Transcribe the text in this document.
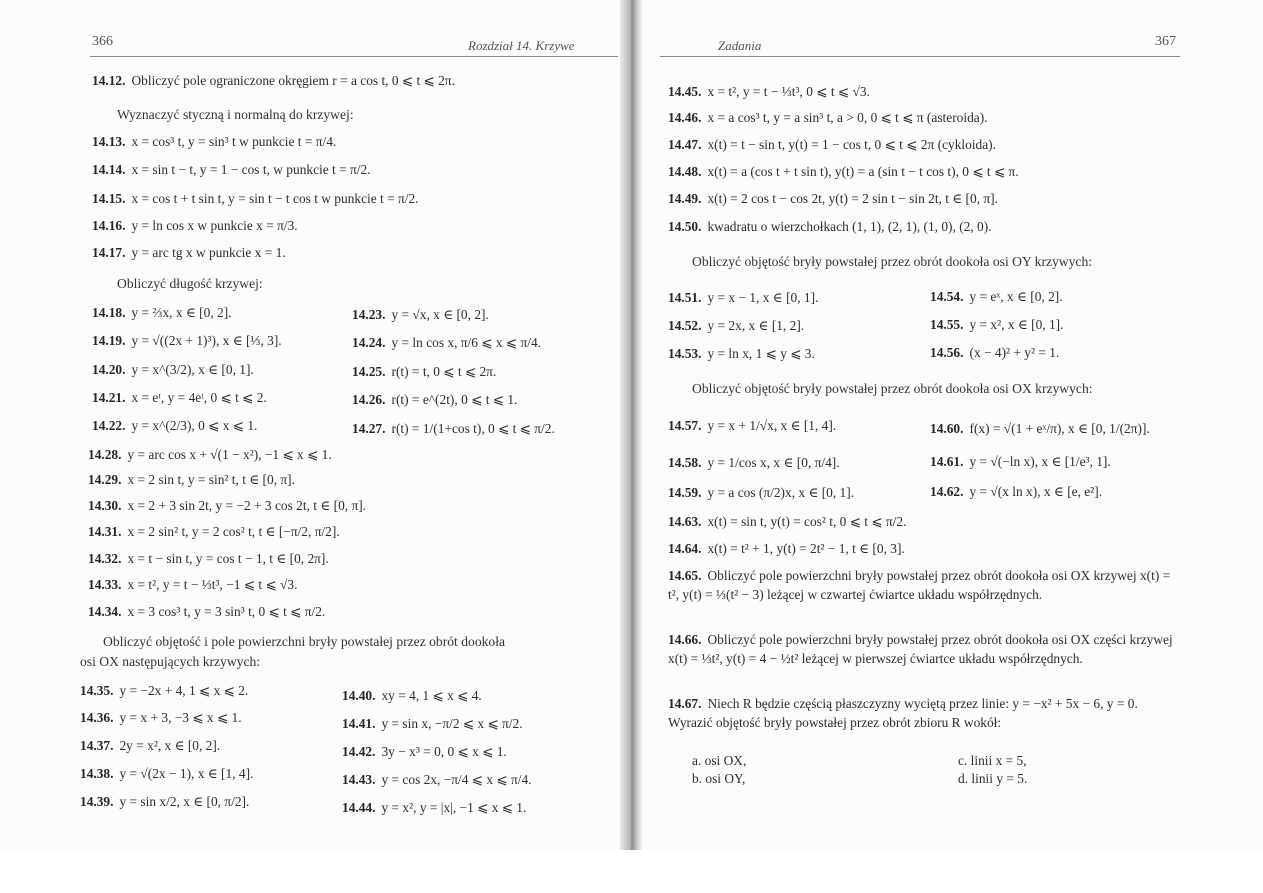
366	Rozdział 14. Krzywe
14.12. Obliczyć pole ograniczone okręgiem r = a cos t, 0 ⩽ t ⩽ 2π.
Wyznaczyć styczną i normalną do krzywej:
14.13. x = cos³ t, y = sin³ t w punkcie t = π/4.
14.14. x = sin t − t, y = 1 − cos t, w punkcie t = π/2.
14.15. x = cos t + t sin t, y = sin t − t cos t w punkcie t = π/2.
14.16. y = ln cos x w punkcie x = π/3.
14.17. y = arc tg x w punkcie x = 1.
Obliczyć długość krzywej:
14.18. y = ⅔x, x ∈ [0, 2].
14.19. y = √((2x + 1)³), x ∈ [⅓, 3].
14.20. y = x^(3/2), x ∈ [0, 1].
14.21. x = eᵗ, y = 4eᵗ, 0 ⩽ t ⩽ 2.
14.22. y = x^(2/3), 0 ⩽ x ⩽ 1.
14.23. y = √x, x ∈ [0, 2].
14.24. y = ln cos x, π/6 ⩽ x ⩽ π/4.
14.25. r(t) = t, 0 ⩽ t ⩽ 2π.
14.26. r(t) = e^(2t), 0 ⩽ t ⩽ 1.
14.27. r(t) = 1/(1+cos t), 0 ⩽ t ⩽ π/2.
14.28. y = arc cos x + √(1 − x²), −1 ⩽ x ⩽ 1.
14.29. x = 2 sin t, y = sin² t, t ∈ [0, π].
14.30. x = 2 + 3 sin 2t, y = −2 + 3 cos 2t, t ∈ [0, π].
14.31. x = 2 sin² t, y = 2 cos² t, t ∈ [−π/2, π/2].
14.32. x = t − sin t, y = cos t − 1, t ∈ [0, 2π].
14.33. x = t², y = t − ⅓t³, −1 ⩽ t ⩽ √3.
14.34. x = 3 cos³ t, y = 3 sin³ t, 0 ⩽ t ⩽ π/2.
Obliczyć objętość i pole powierzchni bryły powstałej przez obrót dookoła
osi OX następujących krzywych:
14.35. y = −2x + 4, 1 ⩽ x ⩽ 2.
14.36. y = x + 3, −3 ⩽ x ⩽ 1.
14.37. 2y = x², x ∈ [0, 2].
14.38. y = √(2x − 1), x ∈ [1, 4].
14.39. y = sin x/2, x ∈ [0, π/2].
14.40. xy = 4, 1 ⩽ x ⩽ 4.
14.41. y = sin x, −π/2 ⩽ x ⩽ π/2.
14.42. 3y − x³ = 0, 0 ⩽ x ⩽ 1.
14.43. y = cos 2x, −π/4 ⩽ x ⩽ π/4.
14.44. y = x², y = |x|, −1 ⩽ x ⩽ 1.
Zadania	367
14.45. x = t², y = t − ⅓t³, 0 ⩽ t ⩽ √3.
14.46. x = a cos³ t, y = a sin³ t, a > 0, 0 ⩽ t ⩽ π (asteroida).
14.47. x(t) = t − sin t, y(t) = 1 − cos t, 0 ⩽ t ⩽ 2π (cykloida).
14.48. x(t) = a (cos t + t sin t), y(t) = a (sin t − t cos t), 0 ⩽ t ⩽ π.
14.49. x(t) = 2 cos t − cos 2t, y(t) = 2 sin t − sin 2t, t ∈ [0, π].
14.50. kwadratu o wierzchołkach (1, 1), (2, 1), (1, 0), (2, 0).
Obliczyć objętość bryły powstałej przez obrót dookoła osi OY krzywych:
14.51. y = x − 1, x ∈ [0, 1].
14.52. y = 2x, x ∈ [1, 2].
14.53. y = ln x, 1 ⩽ y ⩽ 3.
14.54. y = eˣ, x ∈ [0, 2].
14.55. y = x², x ∈ [0, 1].
14.56. (x − 4)² + y² = 1.
Obliczyć objętość bryły powstałej przez obrót dookoła osi OX krzywych:
14.57. y = x + 1/√x, x ∈ [1, 4].
14.58. y = 1/cos x, x ∈ [0, π/4].
14.59. y = a cos (π/2)x, x ∈ [0, 1].
14.60. f(x) = √(1 + eˣ/π), x ∈ [0, 1/(2π)].
14.61. y = √(−ln x), x ∈ [1/e³, 1].
14.62. y = √(x ln x), x ∈ [e, e²].
14.63. x(t) = sin t, y(t) = cos² t, 0 ⩽ t ⩽ π/2.
14.64. x(t) = t² + 1, y(t) = 2t² − 1, t ∈ [0, 3].
14.65. Obliczyć pole powierzchni bryły powstałej przez obrót dookoła osi OX krzywej x(t) = t², y(t) = ⅓(t² − 3) leżącej w czwartej ćwiartce układu współrzędnych.
14.66. Obliczyć pole powierzchni bryły powstałej przez obrót dookoła osi OX części krzywej x(t) = ⅓t², y(t) = 4 − ½t² leżącej w pierwszej ćwiartce układu współrzędnych.
14.67. Niech R będzie częścią płaszczyzny wyciętą przez linie: y = −x² + 5x − 6, y = 0. Wyrazić objętość bryły powstałej przez obrót zbioru R wokół:
a. osi OX,
b. osi OY,
c. linii x = 5,
d. linii y = 5.
